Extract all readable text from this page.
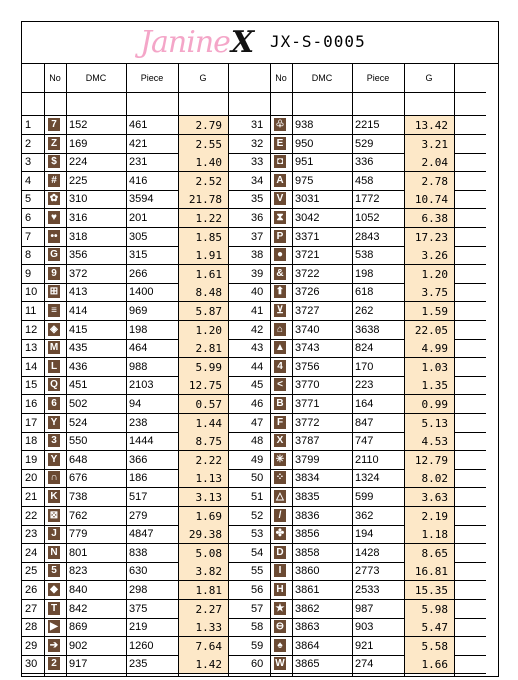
JanineX JX-S-0005
No	DMC	Piece	G
1	7 152	461	2.79
2	Z 169	421	2.55
3	$ 224	231	1.40
4	# 225	416	2.52
5	✿ 310	3594	21.78
6	♥ 316	201	1.22
7	•• 318	305	1.85
8	G 356	315	1.91
9	9 372	266	1.61
10	⊞ 413	1400	8.48
11	≡ 414	969	5.87
12	◈ 415	198	1.20
13	M 435	464	2.81
14	L 436	988	5.99
15	Q 451	2103	12.75
16	6 502	94	0.57
17	Y 524	238	1.44
18	3 550	1444	8.75
19	Y 648	366	2.22
20	∩ 676	186	1.13
21	K 738	517	3.13
22	⊠ 762	279	1.69
23	J 779	4847	29.38
24	N 801	838	5.08
25	5 823	630	3.82
26	◆ 840	298	1.81
27	T 842	375	2.27
28	▶ 869	219	1.33
29	➔ 902	1260	7.64
30	2 917	235	1.42
No	DMC	Piece	G
31	♧ 938	2215	13.42
32	E 950	529	3.21
33	◘ 951	336	2.04
34	A 975	458	2.78
35	V 3031	1772	10.74
36	⧗ 3042	1052	6.38
37	P 3371	2843	17.23
38	● 3721	538	3.26
39	& 3722	198	1.20
40	⬆ 3726	618	3.75
41	⊻ 3727	262	1.59
42	⌂ 3740	3638	22.05
43	▲ 3743	824	4.99
44	4 3756	170	1.03
45	< 3770	223	1.35
46	B 3771	164	0.99
47	F 3772	847	5.13
48	X 3787	747	4.53
49	✳ 3799	2110	12.79
50	⁘ 3834	1324	8.02
51	△ 3835	599	3.63
52	/	3836	362	2.19
53	✤ 3856	194	1.18
54	D 3858	1428	8.65
55	I	3860	2773	16.81
56	H 3861	2533	15.35
57	★ 3862	987	5.98
58	⊖ 3863	903	5.47
59	♠	3864	921	5.58
60	W 3865	274	1.66
